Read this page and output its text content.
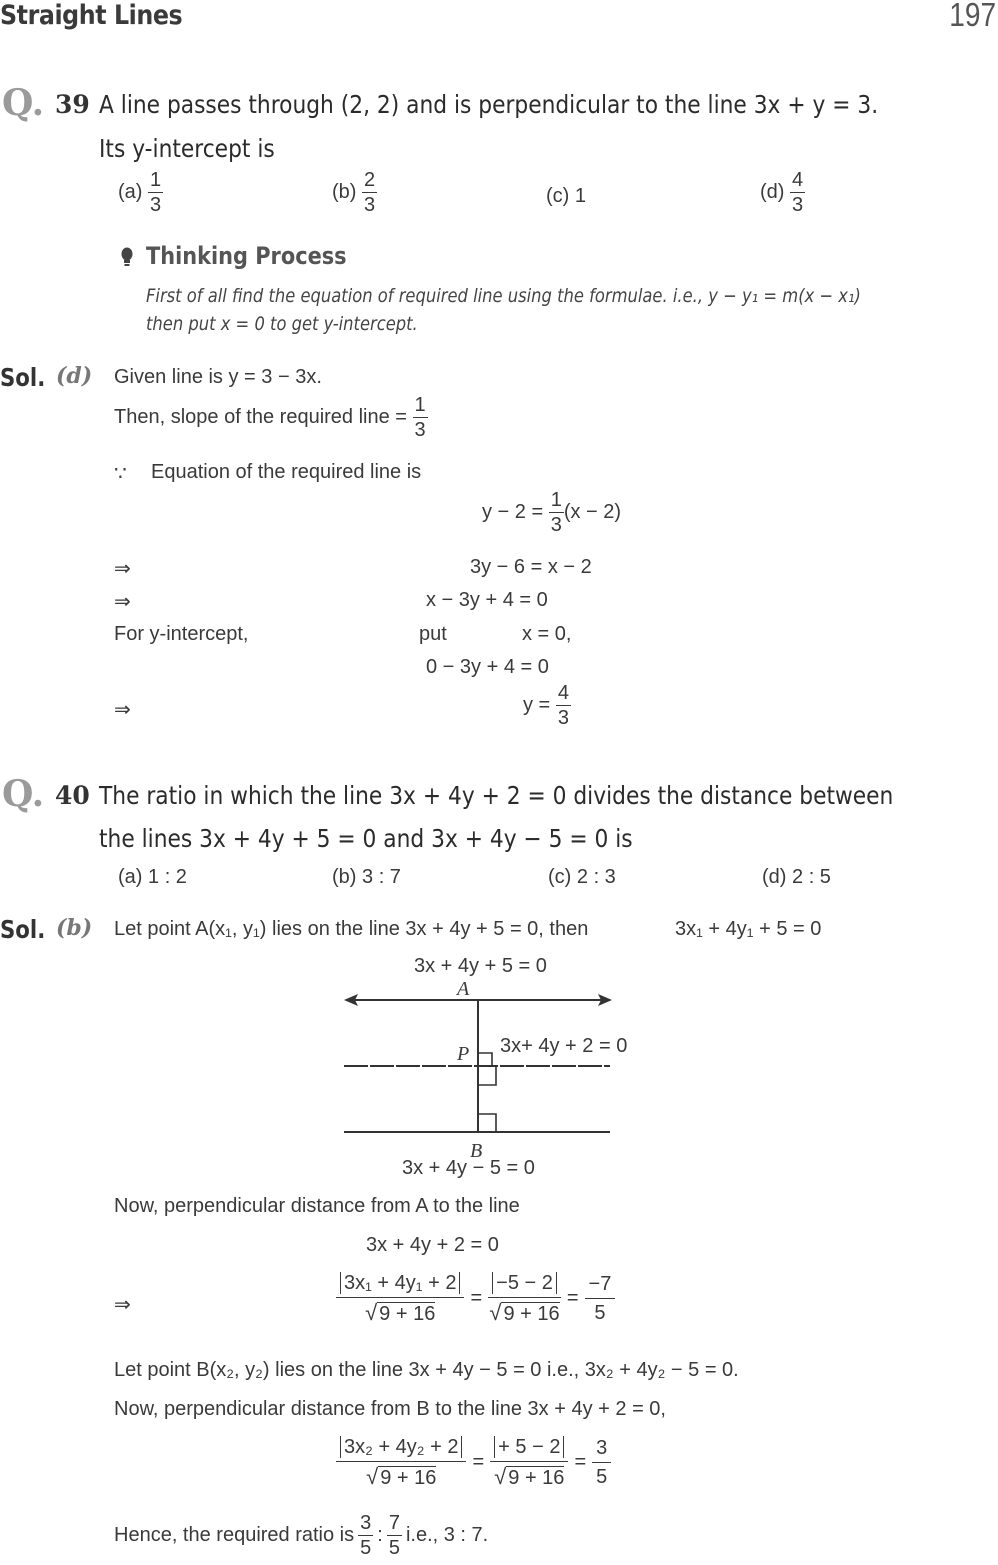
Straight Lines	197
Q. 39 A line passes through (2, 2) and is perpendicular to the line 3x + y = 3.
Its y-intercept is
$(a) \frac{1}{3}$	$(b) \frac{2}{3}$	(c) 1	$(d) \frac{4}{3}$
Thinking Process
First of all find the equation of required line using the formulae. i.e., y − y₁ = m(x − x₁)
then put x = 0 to get y-intercept.
Sol. (d) Given line is y = 3 − 3x.
Then, slope of the required line = $\frac{1}{3}$
∵ Equation of the required line is
$y - 2 = \frac{1}{3} (x - 2)$
⇒	3y − 6 = x − 2
⇒	x − 3y + 4 = 0
For y-intercept,	put	x = 0,
0 − 3y + 4 = 0
⇒	$y = \frac{4}{3}$
Q. 40 The ratio in which the line 3x + 4y + 2 = 0 divides the distance between
the lines 3x + 4y + 5 = 0 and 3x + 4y − 5 = 0 is
(a) 1 : 2	(b) 3 : 7	(c) 2 : 3	(d) 2 : 5
Sol. (b) Let point A(x₁, y₁) lies on the line 3x + 4y + 5 = 0, then	3x₁ + 4y₁ + 5 = 0
3x + 4y + 5 = 0
A
P 3x+ 4y + 2 = 0
B
3x + 4y − 5 = 0
Now, perpendicular distance from A to the line
3x + 4y + 2 = 0
⇒	$\frac{\text{3x₁ + 4y₁ + 2}}{√ 9 + 16} = \frac{-5 - 2}{√ 9 + 16} = \frac{-7}{5}$
Let point B(x₂, y₂) lies on the line 3x + 4y − 5 = 0 i.e., 3x₂ + 4y₂ − 5 = 0.
Now, perpendicular distance from B to the line 3x + 4y + 2 = 0,
$\frac{\text{3x₂ + 4y₂ + 2}}{√ 9 + 16} = \frac{+ 5 - 2}{√ 9 + 16} = \frac{3}{5}$
Hence, the required ratio is $\frac{3}{5}$ : $\frac{7}{5} i.e$., 3 : 7.
